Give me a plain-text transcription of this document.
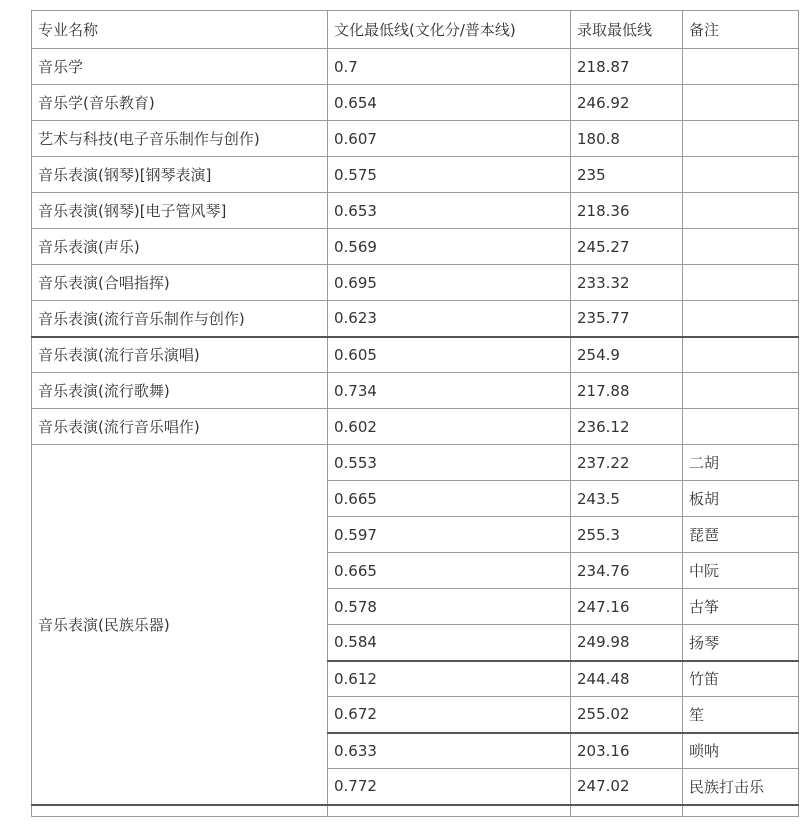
专业名称	文化最低线(文化分/普本线)	录取最低线	备注
音乐学	0.7	218.87	
音乐学(音乐教育)	0.654	246.92	
艺术与科技(电子音乐制作与创作)	0.607	180.8	
音乐表演(钢琴)[钢琴表演]	0.575	235	
音乐表演(钢琴)[电子管风琴]	0.653	218.36	
音乐表演(声乐)	0.569	245.27	
音乐表演(合唱指挥)	0.695	233.32	
音乐表演(流行音乐制作与创作)	0.623	235.77	
音乐表演(流行音乐演唱)	0.605	254.9	
音乐表演(流行歌舞)	0.734	217.88	
音乐表演(流行音乐唱作)	0.602	236.12	
音乐表演(民族乐器)	0.553	237.22	二胡
	0.665	243.5	板胡
	0.597	255.3	琵琶
	0.665	234.76	中阮
	0.578	247.16	古筝
	0.584	249.98	扬琴
	0.612	244.48	竹笛
	0.672	255.02	笙
	0.633	203.16	唢呐
	0.772	247.02	民族打击乐
